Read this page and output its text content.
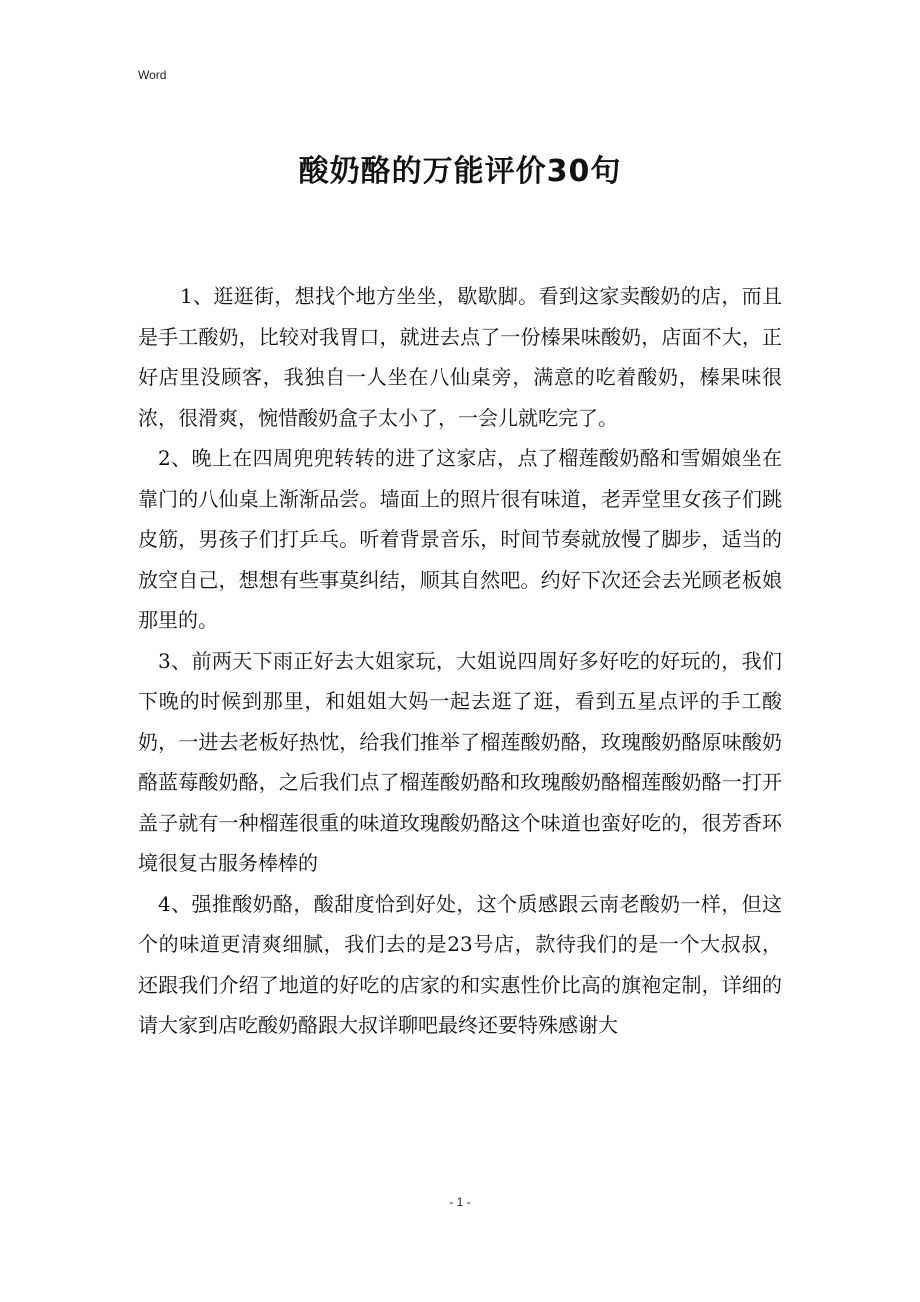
Word
酸奶酪的万能评价30句

1、逛逛街，想找个地方坐坐，歇歇脚。看到这家卖酸奶的店，而且是手工酸奶，比较对我胃口，就进去点了一份榛果味酸奶，店面不大，正好店里没顾客，我独自一人坐在八仙桌旁，满意的吃着酸奶，榛果味很浓，很滑爽，惋惜酸奶盒子太小了，一会儿就吃完了。

2、晚上在四周兜兜转转的进了这家店，点了榴莲酸奶酪和雪媚娘坐在靠门的八仙桌上渐渐品尝。墙面上的照片很有味道，老弄堂里女孩子们跳皮筋，男孩子们打乒乓。听着背景音乐，时间节奏就放慢了脚步，适当的放空自己，想想有些事莫纠结，顺其自然吧。约好下次还会去光顾老板娘那里的。

3、前两天下雨正好去大姐家玩，大姐说四周好多好吃的好玩的，我们下晚的时候到那里，和姐姐大妈一起去逛了逛，看到五星点评的手工酸奶，一进去老板好热忱，给我们推举了榴莲酸奶酪，玫瑰酸奶酪原味酸奶酪蓝莓酸奶酪，之后我们点了榴莲酸奶酪和玫瑰酸奶酪榴莲酸奶酪一打开盖子就有一种榴莲很重的味道玫瑰酸奶酪这个味道也蛮好吃的，很芳香环境很复古服务棒棒的

4、强推酸奶酪，酸甜度恰到好处，这个质感跟云南老酸奶一样，但这个的味道更清爽细腻，我们去的是23号店，款待我们的是一个大叔叔，还跟我们介绍了地道的好吃的店家的和实惠性价比高的旗袍定制，详细的请大家到店吃酸奶酪跟大叔详聊吧最终还要特殊感谢大

- 1 -
